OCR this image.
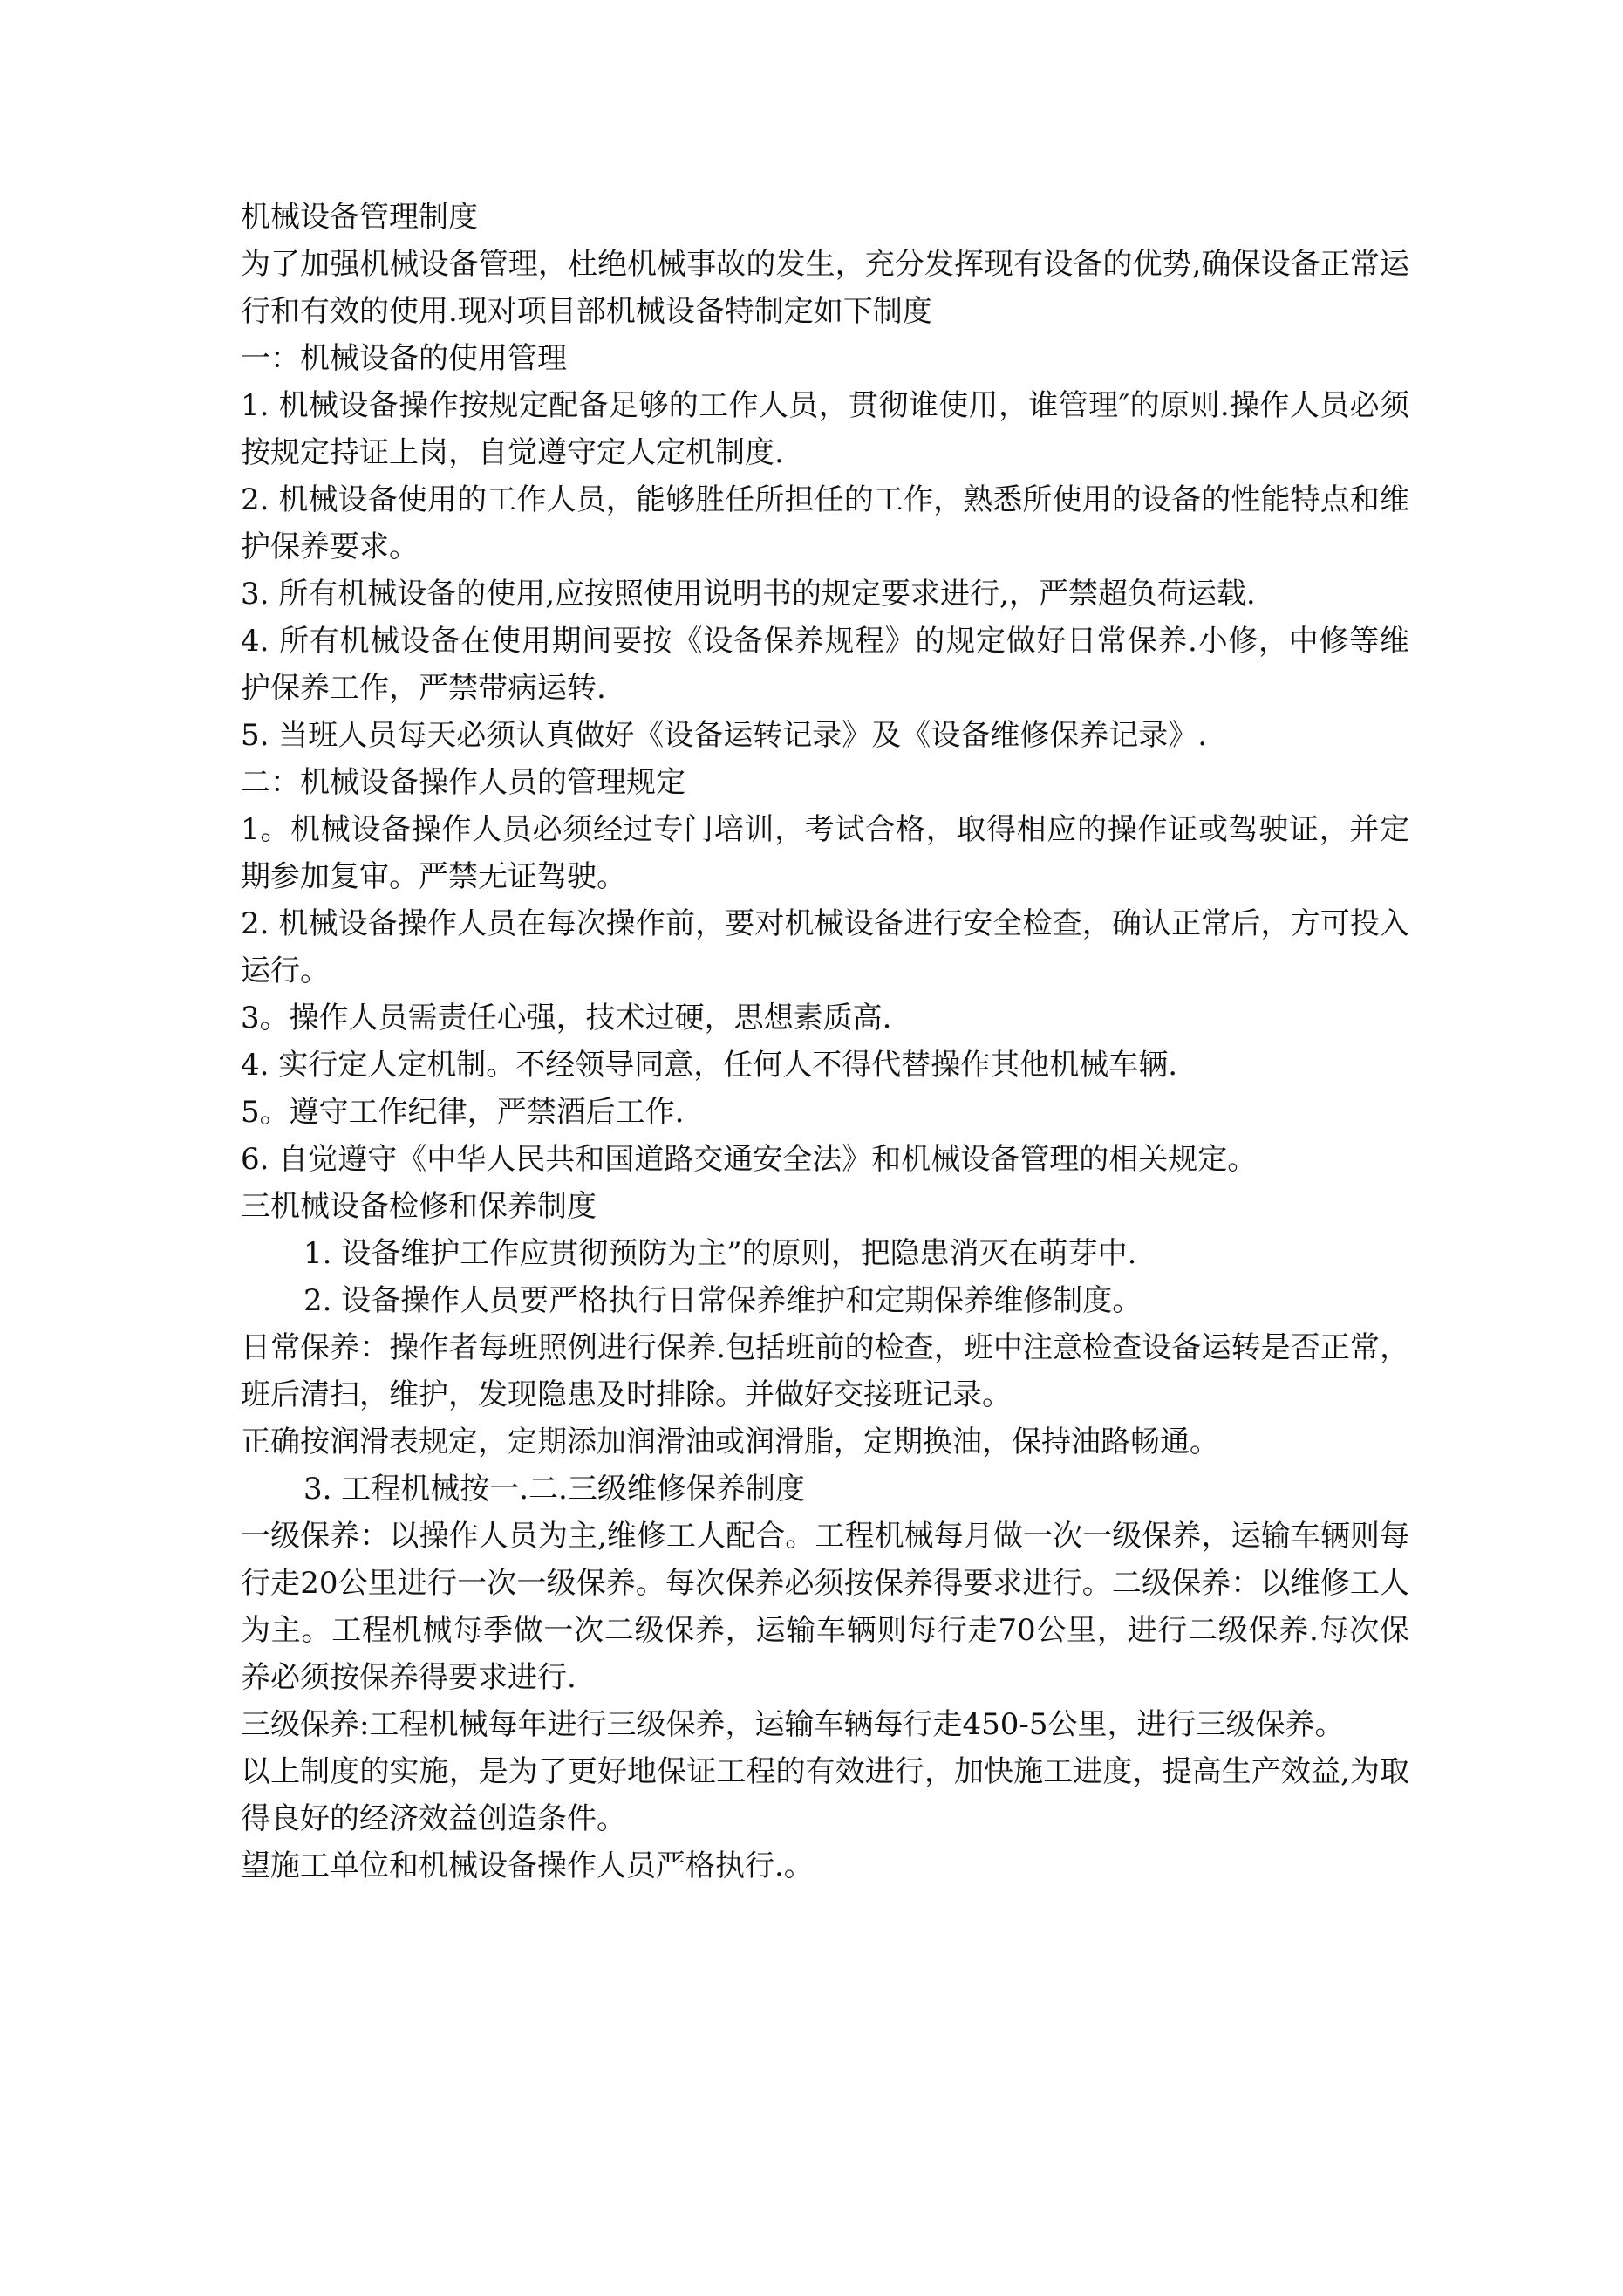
机械设备管理制度

为了加强机械设备管理，杜绝机械事故的发生，充分发挥现有设备的优势,确保设备正常运行和有效的使用.现对项目部机械设备特制定如下制度

一：机械设备的使用管理

1. 机械设备操作按规定配备足够的工作人员，贯彻谁使用，谁管理″的原则.操作人员必须按规定持证上岗，自觉遵守定人定机制度.

2. 机械设备使用的工作人员，能够胜任所担任的工作，熟悉所使用的设备的性能特点和维护保养要求。

3. 所有机械设备的使用,应按照使用说明书的规定要求进行,，严禁超负荷运载.

4. 所有机械设备在使用期间要按《设备保养规程》的规定做好日常保养.小修，中修等维护保养工作，严禁带病运转.

5. 当班人员每天必须认真做好《设备运转记录》及《设备维修保养记录》.

二：机械设备操作人员的管理规定

1。机械设备操作人员必须经过专门培训，考试合格，取得相应的操作证或驾驶证，并定期参加复审。严禁无证驾驶。

2. 机械设备操作人员在每次操作前，要对机械设备进行安全检查，确认正常后，方可投入运行。

3。操作人员需责任心强，技术过硬，思想素质高.

4. 实行定人定机制。不经领导同意，任何人不得代替操作其他机械车辆.

5。遵守工作纪律，严禁酒后工作.

6. 自觉遵守《中华人民共和国道路交通安全法》和机械设备管理的相关规定。

三机械设备检修和保养制度

1. 设备维护工作应贯彻预防为主”的原则，把隐患消灭在萌芽中.

2. 设备操作人员要严格执行日常保养维护和定期保养维修制度。

日常保养：操作者每班照例进行保养.包括班前的检查，班中注意检查设备运转是否正常，班后清扫，维护，发现隐患及时排除。并做好交接班记录。

正确按润滑表规定，定期添加润滑油或润滑脂，定期换油，保持油路畅通。

3. 工程机械按一.二.三级维修保养制度

一级保养：以操作人员为主,维修工人配合。工程机械每月做一次一级保养，运输车辆则每行走20公里进行一次一级保养。每次保养必须按保养得要求进行。二级保养：以维修工人为主。工程机械每季做一次二级保养，运输车辆则每行走70公里，进行二级保养.每次保养必须按保养得要求进行.

三级保养:工程机械每年进行三级保养，运输车辆每行走450-5公里，进行三级保养。

以上制度的实施，是为了更好地保证工程的有效进行，加快施工进度，提高生产效益,为取得良好的经济效益创造条件。

望施工单位和机械设备操作人员严格执行.。
